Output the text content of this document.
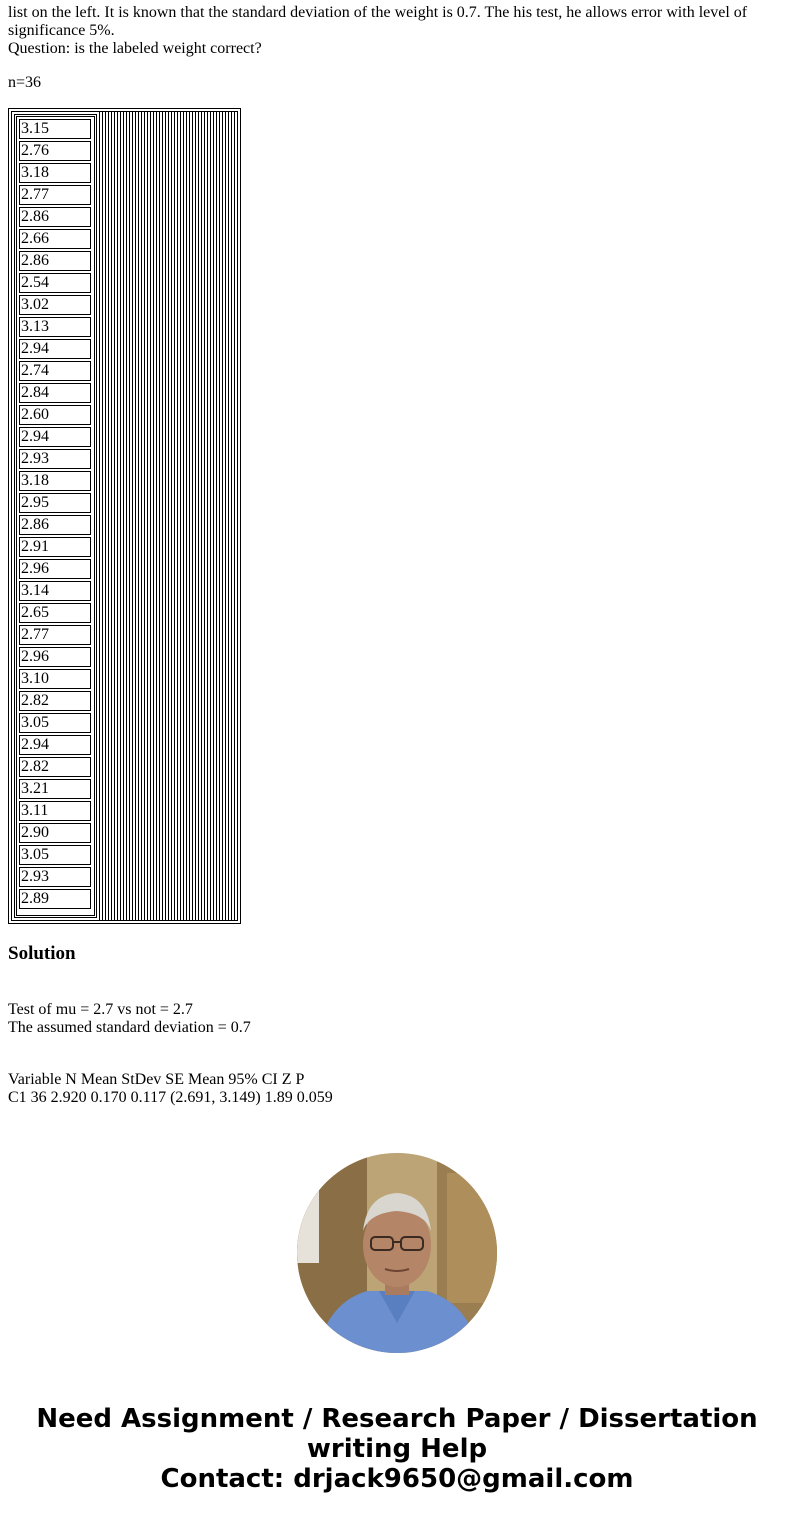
list on the left. It is known that the standard deviation of the weight is 0.7. The his test, he allows error with level of
significance 5%.
Question: is the labeled weight correct?
n=36
3.15
2.76
3.18
2.77
2.86
2.66
2.86
2.54
3.02
3.13
2.94
2.74
2.84
2.60
2.94
2.93
3.18
2.95
2.86
2.91
2.96
3.14
2.65
2.77
2.96
3.10
2.82
3.05
2.94
2.82
3.21
3.11
2.90
3.05
2.93
2.89
Solution
Test of mu = 2.7 vs not = 2.7
The assumed standard deviation = 0.7
Variable N Mean StDev SE Mean 95% CI Z P
C1 36 2.920 0.170 0.117 (2.691, 3.149) 1.89 0.059
Need Assignment / Research Paper / Dissertation
writing Help
Contact: drjack9650@gmail.com
